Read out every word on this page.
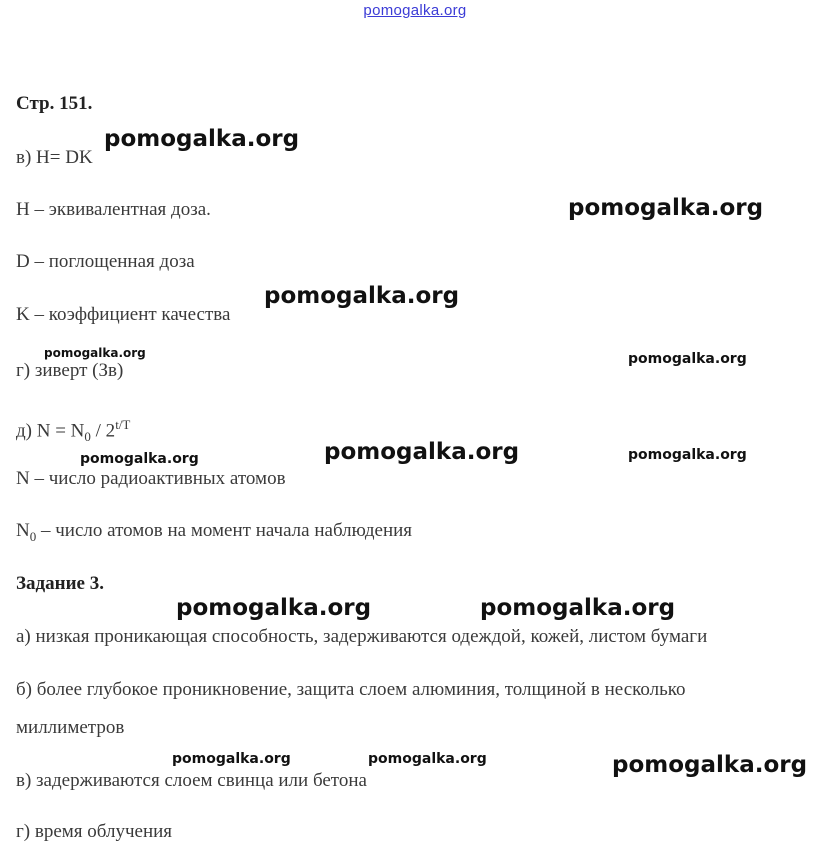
pomogalka.org
Стр. 151.
в) H= DK
H – эквивалентная доза.
D – поглощенная доза
K – коэффициент качества
г) зиверт (Зв)
д) $N = N_0 / 2^{t/T}$
N – число радиоактивных атомов
$N_0$ – число атомов на момент начала наблюдения
Задание 3.
а) низкая проникающая способность, задерживаются одеждой, кожей, листом бумаги
б) более глубокое проникновение, защита слоем алюминия, толщиной в несколько
миллиметров
в) задерживаются слоем свинца или бетона
г) время облучения
pomogalka.org
pomogalka.org
pomogalka.org
pomogalka.org	pomogalka.org
pomogalka.org	pomogalka.org	pomogalka.org
pomogalka.org	pomogalka.org
pomogalka.org	pomogalka.org	pomogalka.org
